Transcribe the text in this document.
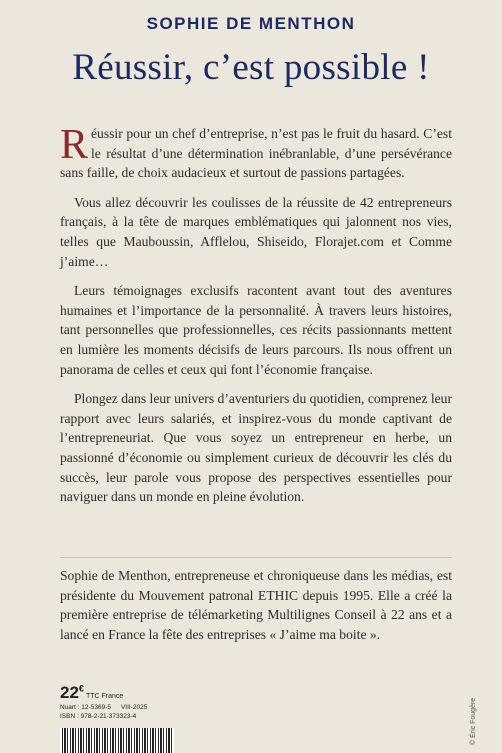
SOPHIE DE MENTHON
Réussir, c’est possible !

Réussir pour un chef d’entreprise, n’est pas le fruit du hasard. C’est le résultat d’une détermination inébranlable, d’une persévérance sans faille, de choix audacieux et surtout de passions partagées.

Vous allez découvrir les coulisses de la réussite de 42 entrepreneurs français, à la tête de marques emblématiques qui jalonnent nos vies, telles que Mauboussin, Afflelou, Shiseido, Florajet.com et Comme j’aime…

Leurs témoignages exclusifs racontent avant tout des aventures humaines et l’importance de la personnalité. À travers leurs histoires, tant personnelles que professionnelles, ces récits passionnants mettent en lumière les moments décisifs de leurs parcours. Ils nous offrent un panorama de celles et ceux qui font l’économie française.

Plongez dans leur univers d’aventuriers du quotidien, comprenez leur rapport avec leurs salariés, et inspirez-vous du monde captivant de l’entrepreneuriat. Que vous soyez un entrepreneur en herbe, un passionné d’économie ou simplement curieux de découvrir les clés du succès, leur parole vous propose des perspectives essentielles pour naviguer dans un monde en pleine évolution.

Sophie de Menthon, entrepreneuse et chroniqueuse dans les médias, est présidente du Mouvement patronal ETHIC depuis 1995. Elle a créé la première entreprise de télémarketing Multilignes Conseil à 22 ans et a lancé en France la fête des entreprises « J’aime ma boite ».

22€TTC France
Nuart : 12-5369-5 VIII-2025
ISBN : 978-2-21-373323-4	© Éric Fougère
